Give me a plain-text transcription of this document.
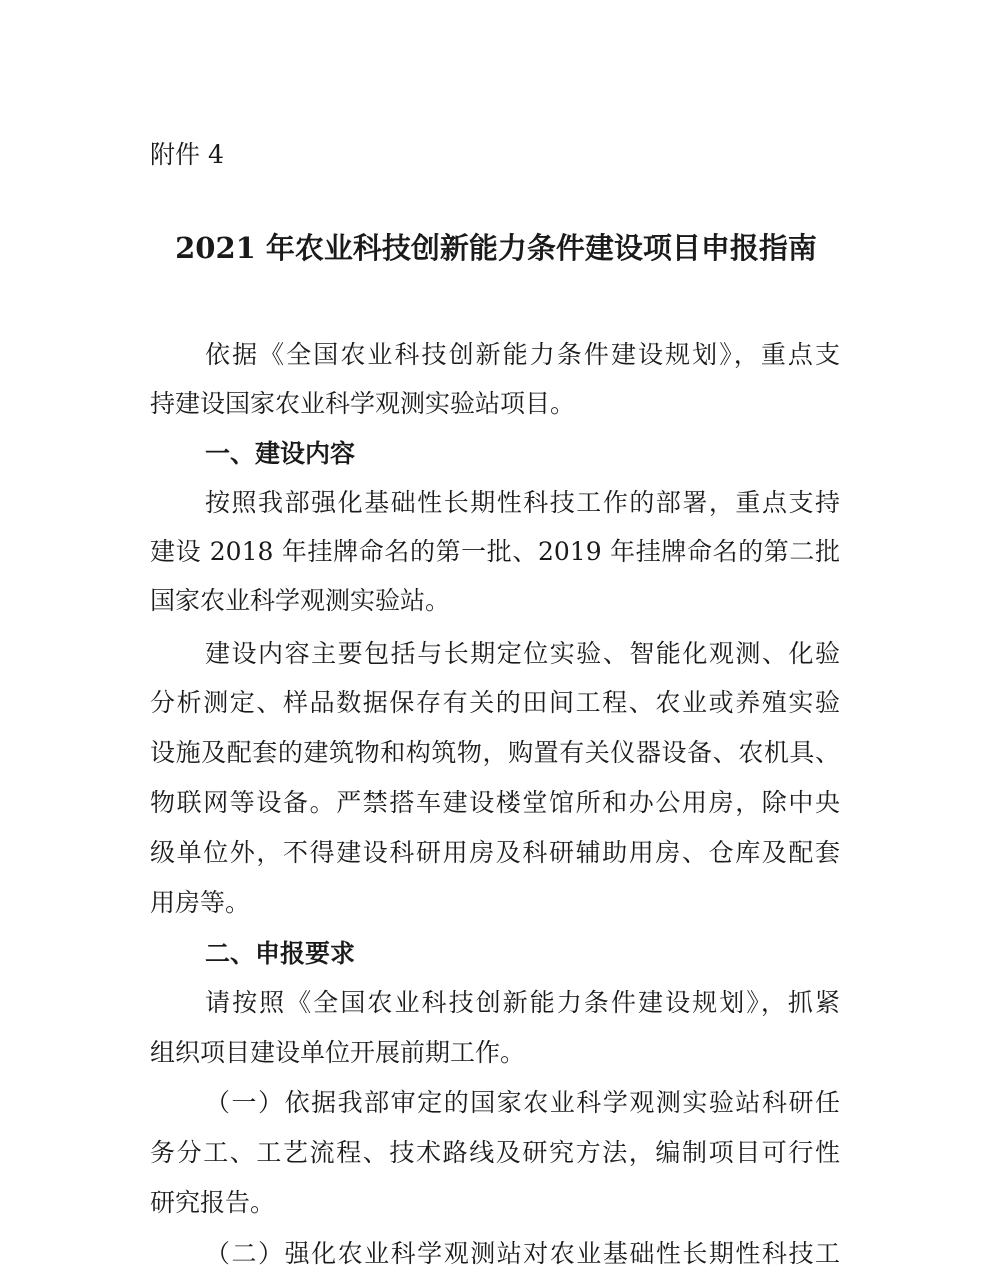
附件 4

2021 年农业科技创新能力条件建设项目申报指南

依据《全国农业科技创新能力条件建设规划》，重点支

持建设国家农业科学观测实验站项目。

一、建设内容

按照我部强化基础性长期性科技工作的部署，重点支持

建设 2018 年挂牌命名的第一批、2019 年挂牌命名的第二批

国家农业科学观测实验站。

建设内容主要包括与长期定位实验、智能化观测、化验

分析测定、样品数据保存有关的田间工程、农业或养殖实验

设施及配套的建筑物和构筑物，购置有关仪器设备、农机具、

物联网等设备。严禁搭车建设楼堂馆所和办公用房，除中央

级单位外，不得建设科研用房及科研辅助用房、仓库及配套

用房等。

二、申报要求

请按照《全国农业科技创新能力条件建设规划》，抓紧

组织项目建设单位开展前期工作。

（一）依据我部审定的国家农业科学观测实验站科研任

务分工、工艺流程、技术路线及研究方法，编制项目可行性

研究报告。

（二）强化农业科学观测站对农业基础性长期性科技工
